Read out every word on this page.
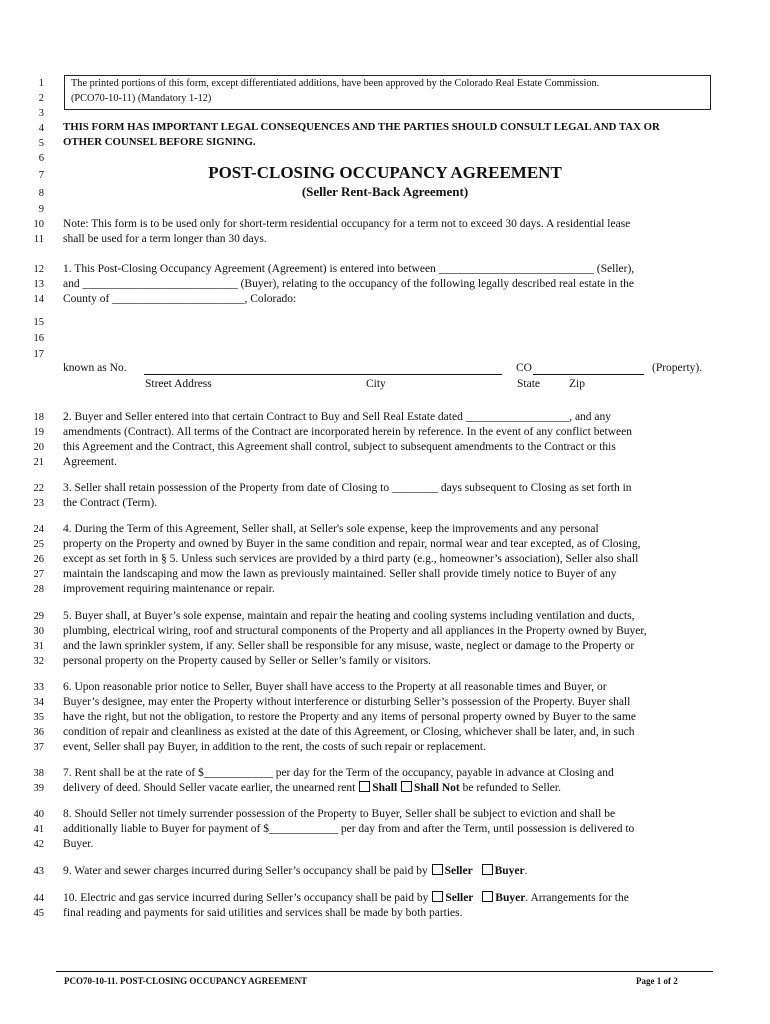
1
2
3
4
5
6
7
8
9
10
11
12
13
14
15
16
17
18
19
20
21
22
23
24
25
26
27
28
29
30
31
32
33
34
35
36
37
38
39
40
41
42
43
44
45
The printed portions of this form, except differentiated additions, have been approved by the Colorado Real Estate Commission.
(PCO70-10-11) (Mandatory 1-12)
THIS FORM HAS IMPORTANT LEGAL CONSEQUENCES AND THE PARTIES SHOULD CONSULT LEGAL AND TAX OR
OTHER COUNSEL BEFORE SIGNING.
POST-CLOSING OCCUPANCY AGREEMENT
(Seller Rent-Back Agreement)
Note: This form is to be used only for short-term residential occupancy for a term not to exceed 30 days. A residential lease
shall be used for a term longer than 30 days.
1. This Post-Closing Occupancy Agreement (Agreement) is entered into between ___________________________ (Seller),
and ___________________________ (Buyer), relating to the occupancy of the following legally described real estate in the
County of _______________________, Colorado:
known as No.	CO	(Property).
Street Address	City	State	Zip
2. Buyer and Seller entered into that certain Contract to Buy and Sell Real Estate dated __________________, and any
amendments (Contract). All terms of the Contract are incorporated herein by reference. In the event of any conflict between
this Agreement and the Contract, this Agreement shall control, subject to subsequent amendments to the Contract or this
Agreement.
3. Seller shall retain possession of the Property from date of Closing to ________ days subsequent to Closing as set forth in
the Contract (Term).
4. During the Term of this Agreement, Seller shall, at Seller's sole expense, keep the improvements and any personal
property on the Property and owned by Buyer in the same condition and repair, normal wear and tear excepted, as of Closing,
except as set forth in § 5. Unless such services are provided by a third party (e.g., homeowner’s association), Seller also shall
maintain the landscaping and mow the lawn as previously maintained. Seller shall provide timely notice to Buyer of any
improvement requiring maintenance or repair.
5. Buyer shall, at Buyer’s sole expense, maintain and repair the heating and cooling systems including ventilation and ducts,
plumbing, electrical wiring, roof and structural components of the Property and all appliances in the Property owned by Buyer,
and the lawn sprinkler system, if any. Seller shall be responsible for any misuse, waste, neglect or damage to the Property or
personal property on the Property caused by Seller or Seller’s family or visitors.
6. Upon reasonable prior notice to Seller, Buyer shall have access to the Property at all reasonable times and Buyer, or
Buyer’s designee, may enter the Property without interference or disturbing Seller’s possession of the Property. Buyer shall
have the right, but not the obligation, to restore the Property and any items of personal property owned by Buyer to the same
condition of repair and cleanliness as existed at the date of this Agreement, or Closing, whichever shall be later, and, in such
event, Seller shall pay Buyer, in addition to the rent, the costs of such repair or replacement.
7. Rent shall be at the rate of $____________ per day for the Term of the occupancy, payable in advance at Closing and
delivery of deed. Should Seller vacate earlier, the unearned rent Shall Shall Not be refunded to Seller.
8. Should Seller not timely surrender possession of the Property to Buyer, Seller shall be subject to eviction and shall be
additionally liable to Buyer for payment of $____________ per day from and after the Term, until possession is delivered to
Buyer.
9. Water and sewer charges incurred during Seller’s occupancy shall be paid by Seller Buyer.
10. Electric and gas service incurred during Seller’s occupancy shall be paid by Seller Buyer. Arrangements for the
final reading and payments for said utilities and services shall be made by both parties.
PCO70-10-11. POST-CLOSING OCCUPANCY AGREEMENT	Page 1 of 2
